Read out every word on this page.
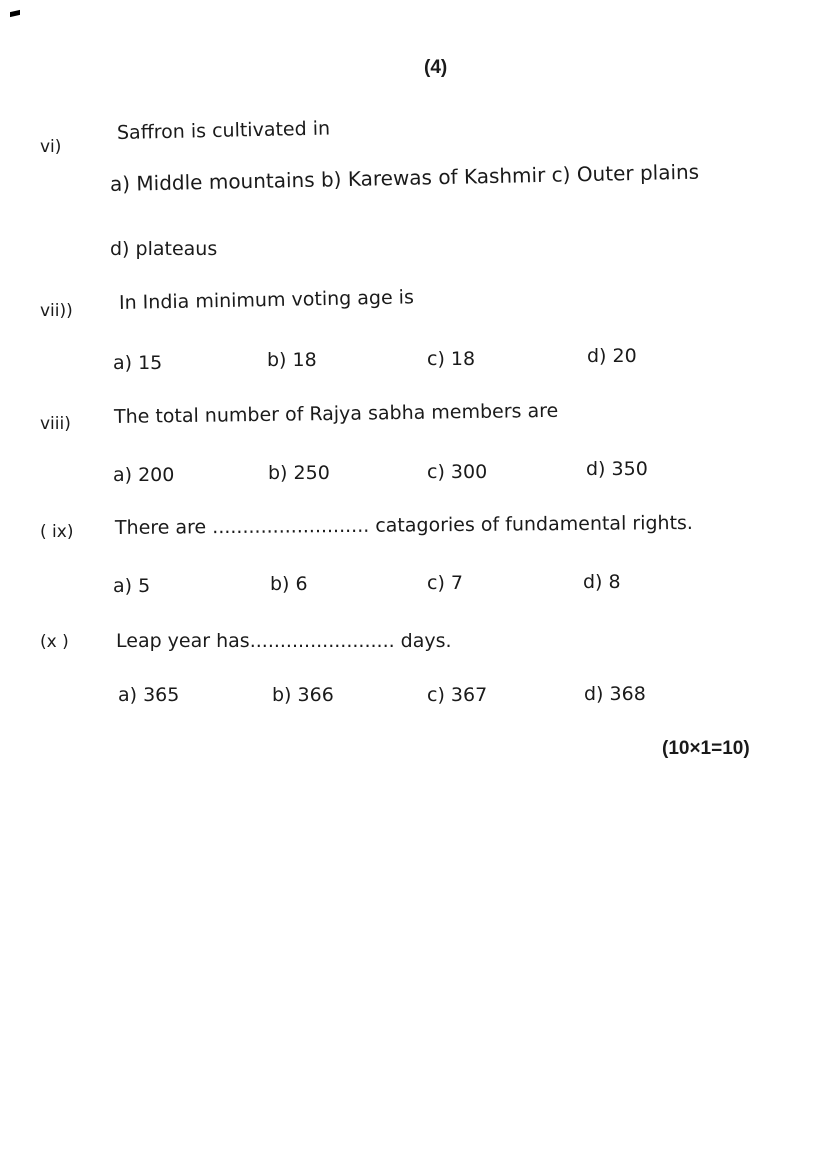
(4)
vi)
Saffron is cultivated in
a) Middle mountains b) Karewas of Kashmir c) Outer plains
d) plateaus
vii)) In India minimum voting age is
a) 15	b) 18	c) 18	d) 20
viii) The total number of Rajya sabha members are
a) 200	b) 250	c) 300	d) 350
( ix) There are .......................... catagories of fundamental rights.
a) 5	b) 6	c) 7	d) 8
(x ) Leap year has........................ days.
a) 365	b) 366	c) 367	d) 368
(10×1=10)
